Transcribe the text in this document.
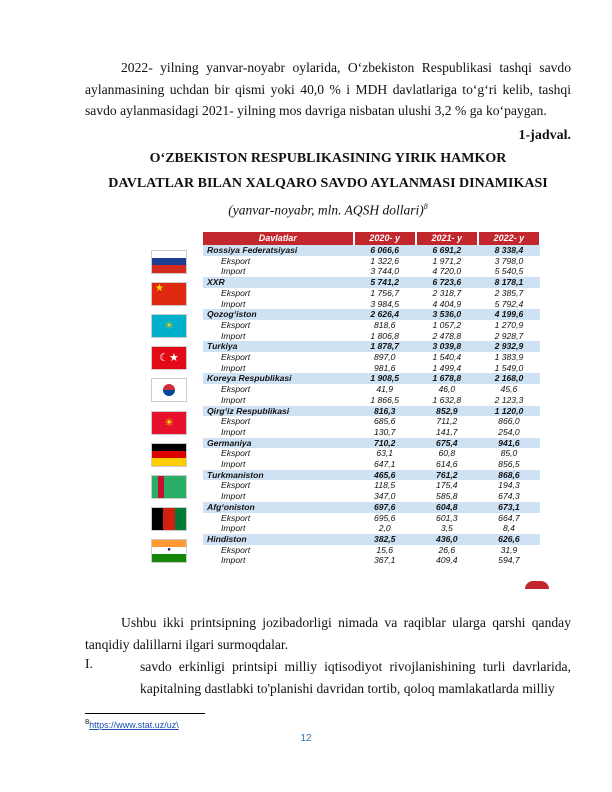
2022- yilning yanvar-noyabr oylarida, O‘zbekiston Respublikasi tashqi savdo aylanmasining uchdan bir qismi yoki 40,0 % i MDH davlatlariga to‘g‘ri kelib, tashqi savdo aylanmasidagi 2021- yilning mos davriga nisbatan ulushi 3,2 % ga ko‘paygan.
1-jadval.
O‘ZBEKISTON RESPUBLIKASINING YIRIK HAMKOR
DAVLATLAR BILAN XALQARO SAVDO AYLANMASI DINAMIKASI
(yanvar-noyabr, mln. AQSH dollari)$^8$
★
☀
☾★
☀
●
Davlatlar	2020- y	2021- y	2022- y
Rossiya Federatsiyasi	6 066,6	6 691,2	8 338,4
Eksport	1 322,6	1 971,2	3 798,0
Import	3 744,0	4 720,0	5 540,5
XXR	5 741,2	6 723,6	8 178,1
Eksport	1 756,7	2 318,7	2 385,7
Import	3 984,5	4 404,9	5 792,4
Qozog‘iston	2 626,4	3 536,0	4 199,6
Eksport	818,6	1 057,2	1 270,9
Import	1 806,8	2 478,8	2 928,7
Turkiya	1 878,7	3 039,8	2 932,9
Eksport	897,0	1 540,4	1 383,9
Import	981,6	1 499,4	1 549,0
Koreya Respublikasi	1 908,5	1 678,8	2 168,0
Eksport	41,9	46,0	45,6
Import	1 866,5	1 632,8	2 123,3
Qirg‘iz Respublikasi	816,3	852,9	1 120,0
Eksport	685,6	711,2	866,0
Import	130,7	141,7	254,0
Germaniya	710,2	675,4	941,6
Eksport	63,1	60,8	85,0
Import	647,1	614,6	856,5
Turkmaniston	465,6	761,2	868,6
Eksport	118,5	175,4	194,3
Import	347,0	585,8	674,3
Afg‘oniston	697,6	604,8	673,1
Eksport	695,6	601,3	664,7
Import	2,0	3,5	8,4
Hindiston	382,5	436,0	626,6
Eksport	15,6	26,6	31,9
Import	367,1	409,4	594,7
Ushbu ikki printsipning jozibadorligi nimada va raqiblar ularga qarshi qanday tanqidiy dalillarni ilgari surmoqdalar.
I.	savdo erkinligi printsipi milliy iqtisodiyot rivojlanishining turli davrlarida, kapitalning dastlabki to'planishi davridan tortib, qoloq mamlakatlarda milliy
$^8$https://www.stat.uz/uz\
12
